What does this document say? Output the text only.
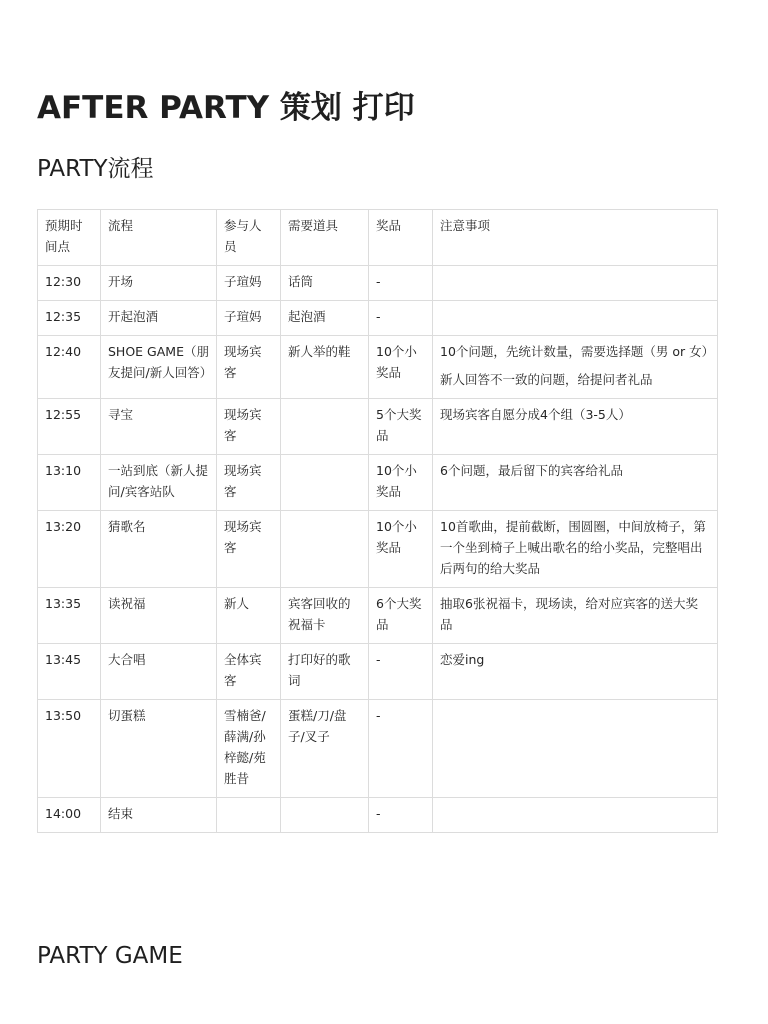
AFTER PARTY 策划 打印
PARTY流程
预期时间点	流程	参与人员	需要道具	奖品	注意事项
12:30	开场	子瑄妈	话筒	-	
12:35	开起泡酒	子瑄妈	起泡酒	-	
12:40	SHOE GAME（朋友提问/新人回答）	现场宾客	新人举的鞋	10个小奖品	10个问题，先统计数量，需要选择题（男 or 女）

新人回答不一致的问题，给提问者礼品

12:55	寻宝	现场宾客		5个大奖品	现场宾客自愿分成4个组（3-5人）

13:10	一站到底（新人提问/宾客站队	现场宾客		10个小奖品	6个问题，最后留下的宾客给礼品

13:20	猜歌名	现场宾客		10个小奖品	10首歌曲，提前截断，围圆圈，中间放椅子，第一个坐到椅子上喊出歌名的给小奖品，完整唱出后两句的给大奖品

13:35	读祝福	新人	宾客回收的祝福卡	6个大奖品	抽取6张祝福卡，现场读，给对应宾客的送大奖品

13:45	大合唱	全体宾客	打印好的歌词	-	恋爱ing

13:50	切蛋糕	雪楠爸/薛满/孙梓懿/苑胜昔	蛋糕/刀/盘子/叉子	-	
14:00	结束			-	
PARTY GAME
